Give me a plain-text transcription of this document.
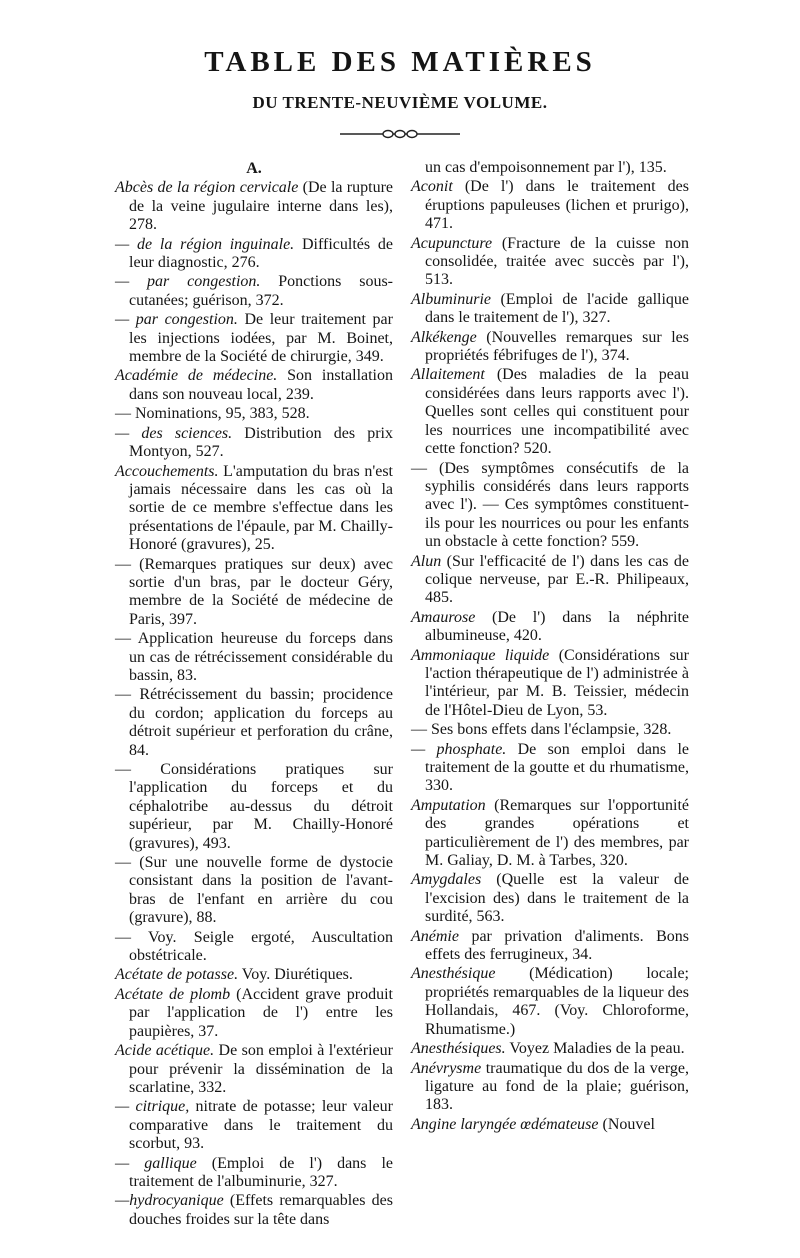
TABLE DES MATIÈRES
DU TRENTE-NEUVIÈME VOLUME.
A.
Abcès de la région cervicale (De la rupture de la veine jugulaire interne dans les), 278.
— de la région inguinale. Difficultés de leur diagnostic, 276.
— par congestion. Ponctions sous-cutanées; guérison, 372.
— par congestion. De leur traitement par les injections iodées, par M. Boinet, membre de la Société de chirurgie, 349.
Académie de médecine. Son installation dans son nouveau local, 239.
— Nominations, 95, 383, 528.
— des sciences. Distribution des prix Montyon, 527.
Accouchements. L'amputation du bras n'est jamais nécessaire dans les cas où la sortie de ce membre s'effectue dans les présentations de l'épaule, par M. Chailly-Honoré (gravures), 25.
— (Remarques pratiques sur deux) avec sortie d'un bras, par le docteur Géry, membre de la Société de médecine de Paris, 397.
— Application heureuse du forceps dans un cas de rétrécissement considérable du bassin, 83.
— Rétrécissement du bassin; procidence du cordon; application du forceps au détroit supérieur et perforation du crâne, 84.
— Considérations pratiques sur l'application du forceps et du céphalotribe au-dessus du détroit supérieur, par M. Chailly-Honoré (gravures), 493.
— (Sur une nouvelle forme de dystocie consistant dans la position de l'avant-bras de l'enfant en arrière du cou (gravure), 88.
— Voy. Seigle ergoté, Auscultation obstétricale.
Acétate de potasse. Voy. Diurétiques.
Acétate de plomb (Accident grave produit par l'application de l') entre les paupières, 37.
Acide acétique. De son emploi à l'extérieur pour prévenir la dissémination de la scarlatine, 332.
— citrique, nitrate de potasse; leur valeur comparative dans le traitement du scorbut, 93.
— gallique (Emploi de l') dans le traitement de l'albuminurie, 327.
—hydrocyanique (Effets remarquables des douches froides sur la tête dans
un cas d'empoisonnement par l'), 135.
Aconit (De l') dans le traitement des éruptions papuleuses (lichen et prurigo), 471.
Acupuncture (Fracture de la cuisse non consolidée, traitée avec succès par l'), 513.
Albuminurie (Emploi de l'acide gallique dans le traitement de l'), 327.
Alkékenge (Nouvelles remarques sur les propriétés fébrifuges de l'), 374.
Allaitement (Des maladies de la peau considérées dans leurs rapports avec l'). Quelles sont celles qui constituent pour les nourrices une incompatibilité avec cette fonction? 520.
— (Des symptômes consécutifs de la syphilis considérés dans leurs rapports avec l'). — Ces symptômes constituent-ils pour les nourrices ou pour les enfants un obstacle à cette fonction? 559.
Alun (Sur l'efficacité de l') dans les cas de colique nerveuse, par E.-R. Philipeaux, 485.
Amaurose (De l') dans la néphrite albumineuse, 420.
Ammoniaque liquide (Considérations sur l'action thérapeutique de l') administrée à l'intérieur, par M. B. Teissier, médecin de l'Hôtel-Dieu de Lyon, 53.
— Ses bons effets dans l'éclampsie, 328.
— phosphate. De son emploi dans le traitement de la goutte et du rhumatisme, 330.
Amputation (Remarques sur l'opportunité des grandes opérations et particulièrement de l') des membres, par M. Galiay, D. M. à Tarbes, 320.
Amygdales (Quelle est la valeur de l'excision des) dans le traitement de la surdité, 563.
Anémie par privation d'aliments. Bons effets des ferrugineux, 34.
Anesthésique (Médication) locale; propriétés remarquables de la liqueur des Hollandais, 467. (Voy. Chloroforme, Rhumatisme.)
Anesthésiques. Voyez Maladies de la peau.
Anévrysme traumatique du dos de la verge, ligature au fond de la plaie; guérison, 183.
Angine laryngée œdémateuse (Nouvel
